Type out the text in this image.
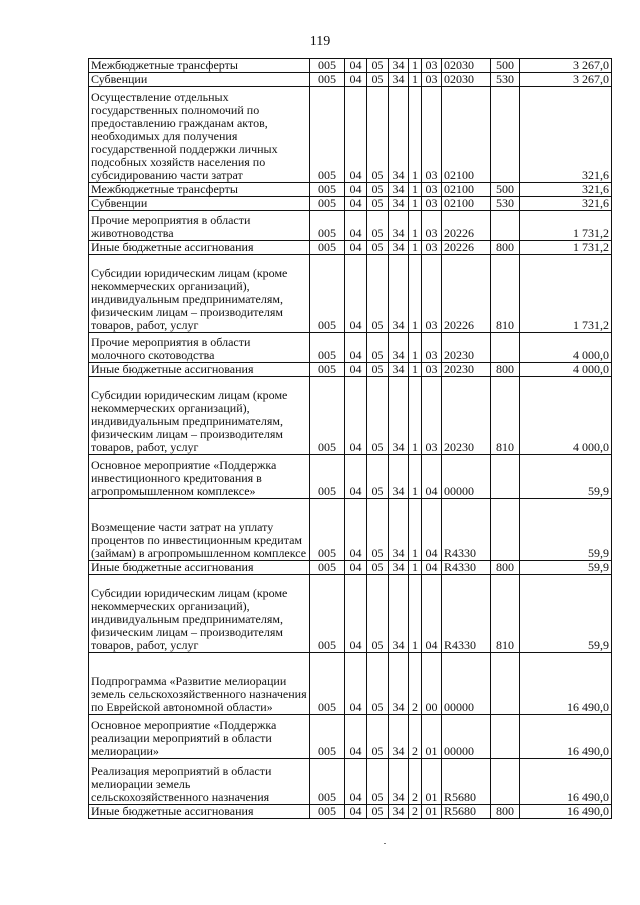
119
Межбюджетные трансферты	005	04	05	34	1	03	02030	500	3 267,0
Субвенции	005	04	05	34	1	03	02030	530	3 267,0
Осуществление отдельных государственных полномочий по предоставлению гражданам актов, необходимых для получения государственной поддержки личных подсобных хозяйств населения по субсидированию части затрат	005	04	05	34	1	03	02100		321,6
Межбюджетные трансферты	005	04	05	34	1	03	02100	500	321,6
Субвенции	005	04	05	34	1	03	02100	530	321,6
Прочие мероприятия в области животноводства	005	04	05	34	1	03	20226		1 731,2
Иные бюджетные ассигнования	005	04	05	34	1	03	20226	800	1 731,2
Субсидии юридическим лицам (кроме некоммерческих организаций), индивидуальным предпринимателям, физическим лицам – производителям товаров, работ, услуг	005	04	05	34	1	03	20226	810	1 731,2
Прочие мероприятия в области молочного скотоводства	005	04	05	34	1	03	20230		4 000,0
Иные бюджетные ассигнования	005	04	05	34	1	03	20230	800	4 000,0
Субсидии юридическим лицам (кроме некоммерческих организаций), индивидуальным предпринимателям, физическим лицам – производителям товаров, работ, услуг	005	04	05	34	1	03	20230	810	4 000,0
Основное мероприятие «Поддержка инвестиционного кредитования в агропромышленном комплексе»	005	04	05	34	1	04	00000		59,9
Возмещение части затрат на уплату процентов по инвестиционным кредитам (займам) в агропромышленном комплексе	005	04	05	34	1	04	R4330		59,9
Иные бюджетные ассигнования	005	04	05	34	1	04	R4330	800	59,9
Субсидии юридическим лицам (кроме некоммерческих организаций), индивидуальным предпринимателям, физическим лицам – производителям товаров, работ, услуг	005	04	05	34	1	04	R4330	810	59,9
Подпрограмма «Развитие мелиорации земель сельскохозяйственного назначения по Еврейской автономной области»	005	04	05	34	2	00	00000		16 490,0
Основное мероприятие «Поддержка реализации мероприятий в области мелиорации»	005	04	05	34	2	01	00000		16 490,0
Реализация мероприятий в области мелиорации земель сельскохозяйственного назначения	005	04	05	34	2	01	R5680		16 490,0
Иные бюджетные ассигнования	005	04	05	34	2	01	R5680	800	16 490,0
